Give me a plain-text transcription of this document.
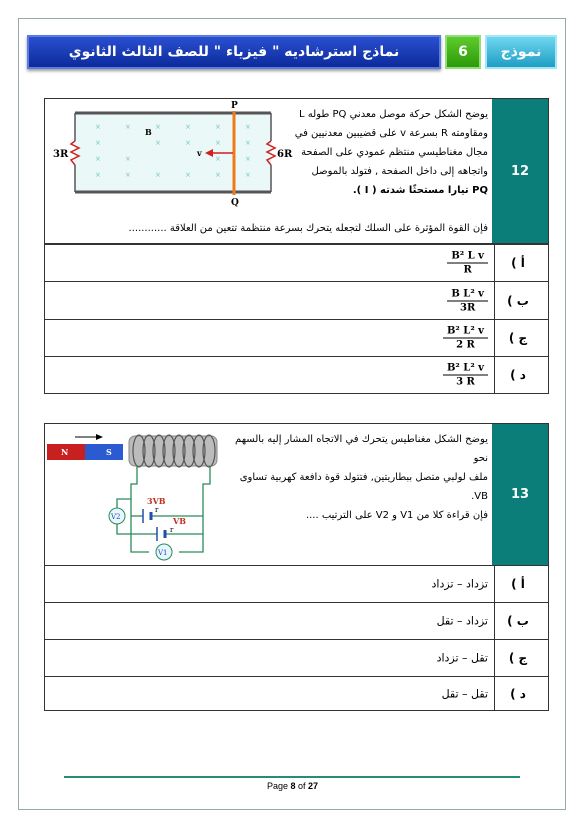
نماذج استرشاديه " فيزياء " للصف الثالث الثانوي	6	نموذج
12
×	×	×	×	×	×
×	×	×	×	×
×	×	×	×
×	×	×	×	×	×
P
Q
B
v
3R	6R
يوضح الشكل حركة موصل معدني PQ طوله L
ومقاومته R بسرعة v على قضيبين معدنيين في
مجال مغناطيسي منتظم عمودي على الصفحة
واتجاهه إلى داخل الصفحة , فتولد بالموصل
PQ تيارا مستحثًا شدته ( I ).
فإن القوة المؤثرة على السلك لتجعله يتحرك بسرعة منتظمة تتعين من العلاقة ............
أ )
$\frac{\text{B² L v}}{R}$
ب )
$\frac{\text{B L² v}}{3R}$
ج )
$\frac{\text{B² L² v}}{2 R}$
د )
$\frac{\text{B² L² v}}{3 R}$
13
N	S
V2
V1
3VB
r
VB
r
يوضح الشكل مغناطيس يتحرك في الاتجاه المشار إليه بالسهم نحو
ملف لولبي متصل ببطاريتين, فتتولد قوة دافعة كهربية تساوى VB.
فإن قراءة كلا من V1 و V2 على الترتيب ....
أ )
تزداد – تزداد
ب )
تزداد – تقل
ج )
تقل – تزداد
د )
تقل – تقل
Page 8 of 27
